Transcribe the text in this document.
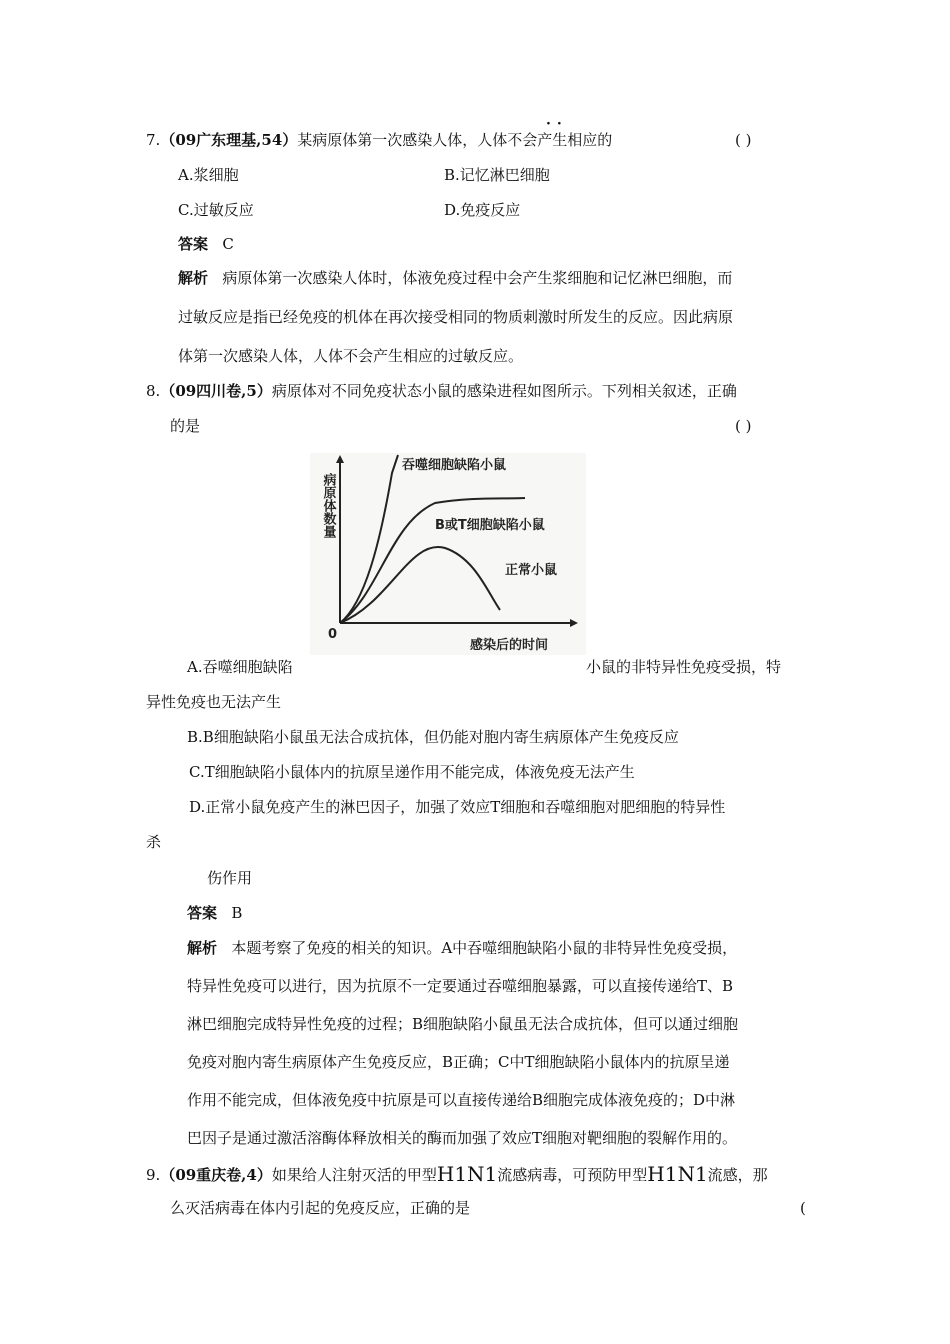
7.（09广东理基,54）某病原体第一次感染人体，人体不会产生相应的
··
( )
A.浆细胞	B.记忆淋巴细胞
C.过敏反应	D.免疫反应
答案 C
解析 病原体第一次感染人体时，体液免疫过程中会产生浆细胞和记忆淋巴细胞，而
过敏反应是指已经免疫的机体在再次接受相同的物质刺激时所发生的反应。因此病原
体第一次感染人体，人体不会产生相应的过敏反应。
8.（09四川卷,5）病原体对不同免疫状态小鼠的感染进程如图所示。下列相关叙述，正确
的是	( )
病原体数量
0
感染后的时间
吞噬细胞缺陷小鼠
B或T细胞缺陷小鼠
正常小鼠
A.吞噬细胞缺陷	小鼠的非特异性免疫受损，特
异性免疫也无法产生
B.B细胞缺陷小鼠虽无法合成抗体，但仍能对胞内寄生病原体产生免疫反应
C.T细胞缺陷小鼠体内的抗原呈递作用不能完成，体液免疫无法产生
D.正常小鼠免疫产生的淋巴因子，加强了效应T细胞和吞噬细胞对肥细胞的特异性
杀
伤作用
答案 B
解析 本题考察了免疫的相关的知识。A中吞噬细胞缺陷小鼠的非特异性免疫受损，
特异性免疫可以进行，因为抗原不一定要通过吞噬细胞暴露，可以直接传递给T、B
淋巴细胞完成特异性免疫的过程；B细胞缺陷小鼠虽无法合成抗体，但可以通过细胞
免疫对胞内寄生病原体产生免疫反应，B正确；C中T细胞缺陷小鼠体内的抗原呈递
作用不能完成，但体液免疫中抗原是可以直接传递给B细胞完成体液免疫的；D中淋
巴因子是通过激活溶酶体释放相关的酶而加强了效应T细胞对靶细胞的裂解作用的。
9.（09重庆卷,4）如果给人注射灭活的甲型H1N1流感病毒，可预防甲型H1N1流感，那
么灭活病毒在体内引起的免疫反应，正确的是	(
